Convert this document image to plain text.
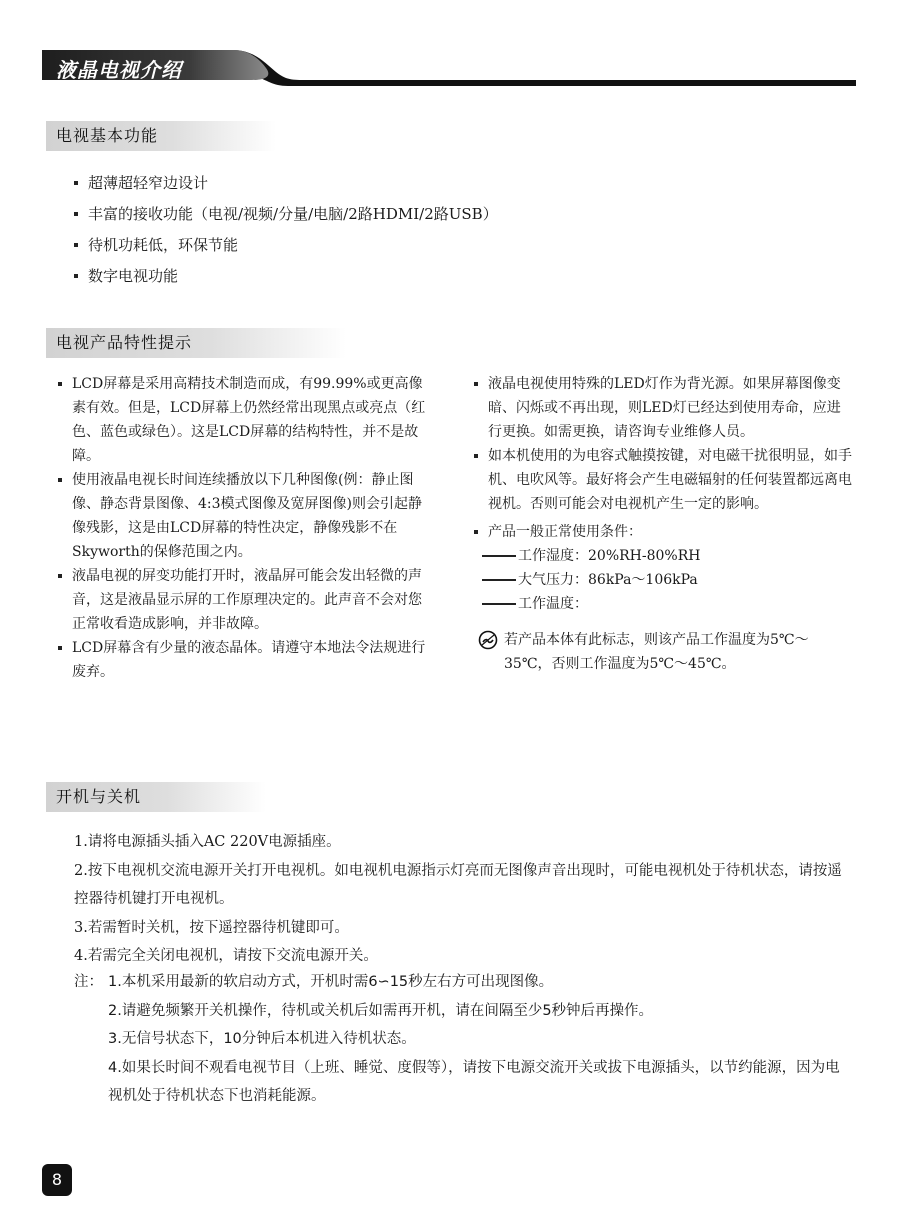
液晶电视介绍
电视基本功能
超薄超轻窄边设计
丰富的接收功能（电视/视频/分量/电脑/2路HDMI/2路USB）
待机功耗低，环保节能
数字电视功能
电视产品特性提示
LCD屏幕是采用高精技术制造而成，有99.99%或更高像素有效。但是，LCD屏幕上仍然经常出现黑点或亮点（红色、蓝色或绿色）。这是LCD屏幕的结构特性，并不是故障。
使用液晶电视长时间连续播放以下几种图像(例：静止图像、静态背景图像、4:3模式图像及宽屏图像)则会引起静像残影，这是由LCD屏幕的特性决定，静像残影不在Skyworth的保修范围之内。
液晶电视的屏变功能打开时，液晶屏可能会发出轻微的声音，这是液晶显示屏的工作原理决定的。此声音不会对您正常收看造成影响，并非故障。
LCD屏幕含有少量的液态晶体。请遵守本地法令法规进行废弃。
液晶电视使用特殊的LED灯作为背光源。如果屏幕图像变暗、闪烁或不再出现，则LED灯已经达到使用寿命，应进行更换。如需更换，请咨询专业维修人员。
如本机使用的为电容式触摸按键，对电磁干扰很明显，如手机、电吹风等。最好将会产生电磁辐射的任何装置都远离电视机。否则可能会对电视机产生一定的影响。
产品一般正常使用条件：
工作湿度：20%RH-80%RH
大气压力：86kPa～106kPa
工作温度：
若产品本体有此标志，则该产品工作温度为5℃～35℃，否则工作温度为5℃～45℃。
开机与关机

1.请将电源插头插入AC 220V电源插座。

2.按下电视机交流电源开关打开电视机。如电视机电源指示灯亮而无图像声音出现时，可能电视机处于待机状态，请按遥控器待机键打开电视机。

3.若需暂时关机，按下遥控器待机键即可。

4.若需完全关闭电视机，请按下交流电源开关。

注： 1.本机采用最新的软启动方式，开机时需6∽15秒左右方可出现图像。
2.请避免频繁开关机操作，待机或关机后如需再开机，请在间隔至少5秒钟后再操作。
3.无信号状态下，10分钟后本机进入待机状态。
4.如果长时间不观看电视节目（上班、睡觉、度假等），请按下电源交流开关或拔下电源插头，以节约能源，因为电视机处于待机状态下也消耗能源。
8
